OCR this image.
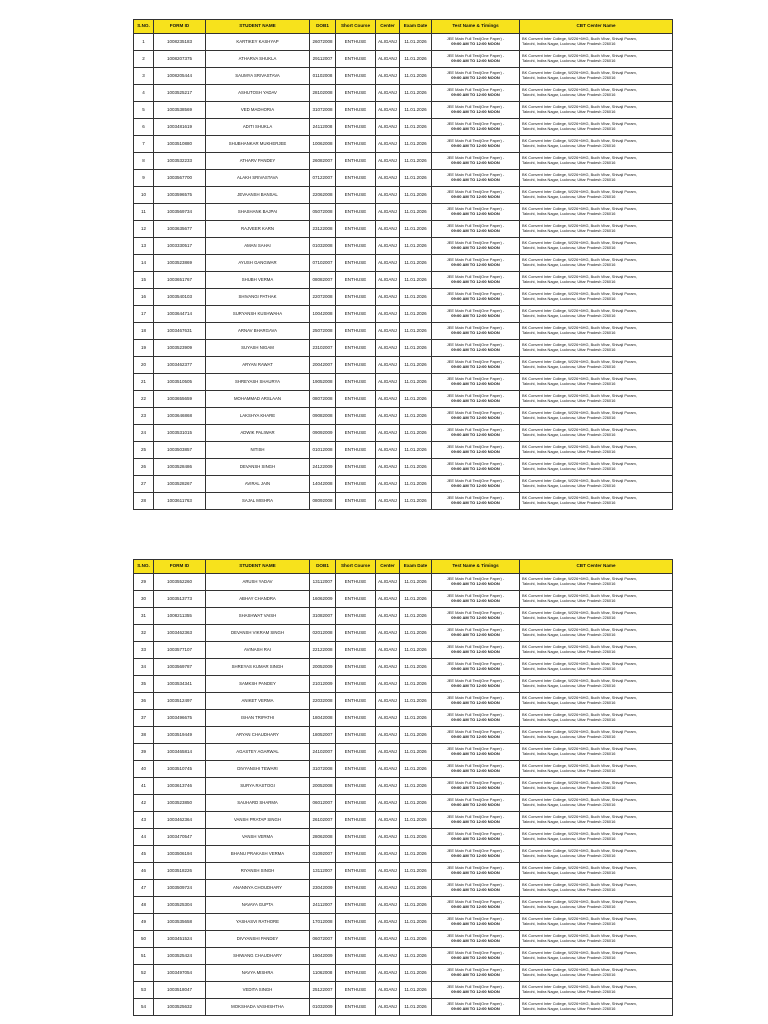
S.NO.	FORM ID	STUDENT NAME	DOB1	Short Course	Center	Exam Date	Test Name & Timings	CBT Center Name
1	1008235183	KARTIKEY KASHYAP	26072008	ENTHUSE	ALIGANJ	11.01.2026	JEE Main Full Test(One Paper) -
09:00 AM TO 12:00 NOON	BK Convent Inter College, W226+6HG, Budh Vihar, Shivaji Puram,
Takrohi, Indira Nagar, Lucknow, Uttar Pradesh 226016

2	1008207375	ATHARVA SHUKLA	29112007	ENTHUSE	ALIGANJ	11.01.2026	JEE Main Full Test(One Paper) -
09:00 AM TO 12:00 NOON	BK Convent Inter College, W226+6HG, Budh Vihar, Shivaji Puram,
Takrohi, Indira Nagar, Lucknow, Uttar Pradesh 226016

3	1008205444	SAUMYA SRIVASTAVA	01102008	ENTHUSE	ALIGANJ	11.01.2026	JEE Main Full Test(One Paper) -
09:00 AM TO 12:00 NOON	BK Convent Inter College, W226+6HG, Budh Vihar, Shivaji Puram,
Takrohi, Indira Nagar, Lucknow, Uttar Pradesh 226016

4	1003525217	ASHUTOSH YADAV	28102008	ENTHUSE	ALIGANJ	11.01.2026	JEE Main Full Test(One Paper) -
09:00 AM TO 12:00 NOON	BK Convent Inter College, W226+6HG, Budh Vihar, Shivaji Puram,
Takrohi, Indira Nagar, Lucknow, Uttar Pradesh 226016

5	1003538569	VED MADHORIA	31072008	ENTHUSE	ALIGANJ	11.01.2026	JEE Main Full Test(One Paper) -
09:00 AM TO 12:00 NOON	BK Convent Inter College, W226+6HG, Budh Vihar, Shivaji Puram,
Takrohi, Indira Nagar, Lucknow, Uttar Pradesh 226016

6	1003481619	ADITI SHUKLA	24112008	ENTHUSE	ALIGANJ	11.01.2026	JEE Main Full Test(One Paper) -
09:00 AM TO 12:00 NOON	BK Convent Inter College, W226+6HG, Budh Vihar, Shivaji Puram,
Takrohi, Indira Nagar, Lucknow, Uttar Pradesh 226016

7	1003510880	SHUBHANKAR MUKHERJEE	10062008	ENTHUSE	ALIGANJ	11.01.2026	JEE Main Full Test(One Paper) -
09:00 AM TO 12:00 NOON	BK Convent Inter College, W226+6HG, Budh Vihar, Shivaji Puram,
Takrohi, Indira Nagar, Lucknow, Uttar Pradesh 226016

8	1003532233	ATHARV PANDEY	26082007	ENTHUSE	ALIGANJ	11.01.2026	JEE Main Full Test(One Paper) -
09:00 AM TO 12:00 NOON	BK Convent Inter College, W226+6HG, Budh Vihar, Shivaji Puram,
Takrohi, Indira Nagar, Lucknow, Uttar Pradesh 226016

9	1003567700	ALAKH SRIVASTAVA	07122007	ENTHUSE	ALIGANJ	11.01.2026	JEE Main Full Test(One Paper) -
09:00 AM TO 12:00 NOON	BK Convent Inter College, W226+6HG, Budh Vihar, Shivaji Puram,
Takrohi, Indira Nagar, Lucknow, Uttar Pradesh 226016

10	1003596575	JEVAANSH BANSAL	22062008	ENTHUSE	ALIGANJ	11.01.2026	JEE Main Full Test(One Paper) -
09:00 AM TO 12:00 NOON	BK Convent Inter College, W226+6HG, Budh Vihar, Shivaji Puram,
Takrohi, Indira Nagar, Lucknow, Uttar Pradesh 226016

11	1003569734	SHASHANK BAJPAI	05072008	ENTHUSE	ALIGANJ	11.01.2026	JEE Main Full Test(One Paper) -
09:00 AM TO 12:00 NOON	BK Convent Inter College, W226+6HG, Budh Vihar, Shivaji Puram,
Takrohi, Indira Nagar, Lucknow, Uttar Pradesh 226016

12	1003635677	RAJVEER KARN	23122008	ENTHUSE	ALIGANJ	11.01.2026	JEE Main Full Test(One Paper) -
09:00 AM TO 12:00 NOON	BK Convent Inter College, W226+6HG, Budh Vihar, Shivaji Puram,
Takrohi, Indira Nagar, Lucknow, Uttar Pradesh 226016

13	1003330517	AMAN SAHAI	01032008	ENTHUSE	ALIGANJ	11.01.2026	JEE Main Full Test(One Paper) -
09:00 AM TO 12:00 NOON	BK Convent Inter College, W226+6HG, Budh Vihar, Shivaji Puram,
Takrohi, Indira Nagar, Lucknow, Uttar Pradesh 226016

14	1003523869	AYUSH GANGWAR	07102007	ENTHUSE	ALIGANJ	11.01.2026	JEE Main Full Test(One Paper) -
09:00 AM TO 12:00 NOON	BK Convent Inter College, W226+6HG, Budh Vihar, Shivaji Puram,
Takrohi, Indira Nagar, Lucknow, Uttar Pradesh 226016

15	1003651767	SHUBH VERMA	08082007	ENTHUSE	ALIGANJ	11.01.2026	JEE Main Full Test(One Paper) -
09:00 AM TO 12:00 NOON	BK Convent Inter College, W226+6HG, Budh Vihar, Shivaji Puram,
Takrohi, Indira Nagar, Lucknow, Uttar Pradesh 226016

16	1003540103	SHIVANGI PATHAK	22072008	ENTHUSE	ALIGANJ	11.01.2026	JEE Main Full Test(One Paper) -
09:00 AM TO 12:00 NOON	BK Convent Inter College, W226+6HG, Budh Vihar, Shivaji Puram,
Takrohi, Indira Nagar, Lucknow, Uttar Pradesh 226016

17	1003644714	SURYANSH KUSHWAHA	10042008	ENTHUSE	ALIGANJ	11.01.2026	JEE Main Full Test(One Paper) -
09:00 AM TO 12:00 NOON	BK Convent Inter College, W226+6HG, Budh Vihar, Shivaji Puram,
Takrohi, Indira Nagar, Lucknow, Uttar Pradesh 226016

18	1003467631	ARNAV BHARGAVA	25072008	ENTHUSE	ALIGANJ	11.01.2026	JEE Main Full Test(One Paper) -
09:00 AM TO 12:00 NOON	BK Convent Inter College, W226+6HG, Budh Vihar, Shivaji Puram,
Takrohi, Indira Nagar, Lucknow, Uttar Pradesh 226016

19	1003523909	SUYASH NIGAM	23102007	ENTHUSE	ALIGANJ	11.01.2026	JEE Main Full Test(One Paper) -
09:00 AM TO 12:00 NOON	BK Convent Inter College, W226+6HG, Budh Vihar, Shivaji Puram,
Takrohi, Indira Nagar, Lucknow, Uttar Pradesh 226016

20	1003462377	ARYAN RAWAT	20042007	ENTHUSE	ALIGANJ	11.01.2026	JEE Main Full Test(One Paper) -
09:00 AM TO 12:00 NOON	BK Convent Inter College, W226+6HG, Budh Vihar, Shivaji Puram,
Takrohi, Indira Nagar, Lucknow, Uttar Pradesh 226016

21	1003510505	SHREYASH SHAURYA	19052008	ENTHUSE	ALIGANJ	11.01.2026	JEE Main Full Test(One Paper) -
09:00 AM TO 12:00 NOON	BK Convent Inter College, W226+6HG, Budh Vihar, Shivaji Puram,
Takrohi, Indira Nagar, Lucknow, Uttar Pradesh 226016

22	1003655659	MOHAMMAD ARSLAAN	08072008	ENTHUSE	ALIGANJ	11.01.2026	JEE Main Full Test(One Paper) -
09:00 AM TO 12:00 NOON	BK Convent Inter College, W226+6HG, Budh Vihar, Shivaji Puram,
Takrohi, Indira Nagar, Lucknow, Uttar Pradesh 226016

23	1003646868	LAKSHYA KHARE	09082008	ENTHUSE	ALIGANJ	11.01.2026	JEE Main Full Test(One Paper) -
09:00 AM TO 12:00 NOON	BK Convent Inter College, W226+6HG, Budh Vihar, Shivaji Puram,
Takrohi, Indira Nagar, Lucknow, Uttar Pradesh 226016

24	1003531015	ADWIK PALIWAR	09092009	ENTHUSE	ALIGANJ	11.01.2026	JEE Main Full Test(One Paper) -
09:00 AM TO 12:00 NOON	BK Convent Inter College, W226+6HG, Budh Vihar, Shivaji Puram,
Takrohi, Indira Nagar, Lucknow, Uttar Pradesh 226016

25	1003503857	NITISH	01012008	ENTHUSE	ALIGANJ	11.01.2026	JEE Main Full Test(One Paper) -
09:00 AM TO 12:00 NOON	BK Convent Inter College, W226+6HG, Budh Vihar, Shivaji Puram,
Takrohi, Indira Nagar, Lucknow, Uttar Pradesh 226016

26	1003528486	DEVANSH SINGH	24122009	ENTHUSE	ALIGANJ	11.01.2026	JEE Main Full Test(One Paper) -
09:00 AM TO 12:00 NOON	BK Convent Inter College, W226+6HG, Budh Vihar, Shivaji Puram,
Takrohi, Indira Nagar, Lucknow, Uttar Pradesh 226016

27	1003528267	AVIRAL JAIN	14042008	ENTHUSE	ALIGANJ	11.01.2026	JEE Main Full Test(One Paper) -
09:00 AM TO 12:00 NOON	BK Convent Inter College, W226+6HG, Budh Vihar, Shivaji Puram,
Takrohi, Indira Nagar, Lucknow, Uttar Pradesh 226016

28	1003611763	SAJAL MISHRA	08092008	ENTHUSE	ALIGANJ	11.01.2026	JEE Main Full Test(One Paper) -
09:00 AM TO 12:00 NOON	BK Convent Inter College, W226+6HG, Budh Vihar, Shivaji Puram,
Takrohi, Indira Nagar, Lucknow, Uttar Pradesh 226016
S.NO.	FORM ID	STUDENT NAME	DOB1	Short Course	Center	Exam Date	Test Name & Timings	CBT Center Name
29	1003552260	ARUSH YADAV	13112007	ENTHUSE	ALIGANJ	11.01.2026	JEE Main Full Test(One Paper) -
09:00 AM TO 12:00 NOON	BK Convent Inter College, W226+6HG, Budh Vihar, Shivaji Puram,
Takrohi, Indira Nagar, Lucknow, Uttar Pradesh 226016

30	1003513773	ABHAY CHANDRA	16062009	ENTHUSE	ALIGANJ	11.01.2026	JEE Main Full Test(One Paper) -
09:00 AM TO 12:00 NOON	BK Convent Inter College, W226+6HG, Budh Vihar, Shivaji Puram,
Takrohi, Indira Nagar, Lucknow, Uttar Pradesh 226016

31	1008211355	SHASHWAT VAISH	31082007	ENTHUSE	ALIGANJ	11.01.2026	JEE Main Full Test(One Paper) -
09:00 AM TO 12:00 NOON	BK Convent Inter College, W226+6HG, Budh Vihar, Shivaji Puram,
Takrohi, Indira Nagar, Lucknow, Uttar Pradesh 226016

32	1003462363	DEVANSH VIKRAM SINGH	02012008	ENTHUSE	ALIGANJ	11.01.2026	JEE Main Full Test(One Paper) -
09:00 AM TO 12:00 NOON	BK Convent Inter College, W226+6HG, Budh Vihar, Shivaji Puram,
Takrohi, Indira Nagar, Lucknow, Uttar Pradesh 226016

33	1003577107	AVINASH RAI	22122008	ENTHUSE	ALIGANJ	11.01.2026	JEE Main Full Test(One Paper) -
09:00 AM TO 12:00 NOON	BK Convent Inter College, W226+6HG, Budh Vihar, Shivaji Puram,
Takrohi, Indira Nagar, Lucknow, Uttar Pradesh 226016

34	1003569787	SHREYAS KUMAR SINGH	20052009	ENTHUSE	ALIGANJ	11.01.2026	JEE Main Full Test(One Paper) -
09:00 AM TO 12:00 NOON	BK Convent Inter College, W226+6HG, Budh Vihar, Shivaji Puram,
Takrohi, Indira Nagar, Lucknow, Uttar Pradesh 226016

35	1003534341	SAMKSH PANDEY	21012009	ENTHUSE	ALIGANJ	11.01.2026	JEE Main Full Test(One Paper) -
09:00 AM TO 12:00 NOON	BK Convent Inter College, W226+6HG, Budh Vihar, Shivaji Puram,
Takrohi, Indira Nagar, Lucknow, Uttar Pradesh 226016

36	1003512497	ANIKET VERMA	22032008	ENTHUSE	ALIGANJ	11.01.2026	JEE Main Full Test(One Paper) -
09:00 AM TO 12:00 NOON	BK Convent Inter College, W226+6HG, Budh Vihar, Shivaji Puram,
Takrohi, Indira Nagar, Lucknow, Uttar Pradesh 226016

37	1003496675	ISHAN TRIPATHI	18042008	ENTHUSE	ALIGANJ	11.01.2026	JEE Main Full Test(One Paper) -
09:00 AM TO 12:00 NOON	BK Convent Inter College, W226+6HG, Budh Vihar, Shivaji Puram,
Takrohi, Indira Nagar, Lucknow, Uttar Pradesh 226016

38	1003519449	ARYAN CHAUDHARY	18052007	ENTHUSE	ALIGANJ	11.01.2026	JEE Main Full Test(One Paper) -
09:00 AM TO 12:00 NOON	BK Convent Inter College, W226+6HG, Budh Vihar, Shivaji Puram,
Takrohi, Indira Nagar, Lucknow, Uttar Pradesh 226016

39	1003465814	AGASTEY AGARWAL	24102007	ENTHUSE	ALIGANJ	11.01.2026	JEE Main Full Test(One Paper) -
09:00 AM TO 12:00 NOON	BK Convent Inter College, W226+6HG, Budh Vihar, Shivaji Puram,
Takrohi, Indira Nagar, Lucknow, Uttar Pradesh 226016

40	1003510745	DIVYANSHI TEWARI	31072008	ENTHUSE	ALIGANJ	11.01.2026	JEE Main Full Test(One Paper) -
09:00 AM TO 12:00 NOON	BK Convent Inter College, W226+6HG, Budh Vihar, Shivaji Puram,
Takrohi, Indira Nagar, Lucknow, Uttar Pradesh 226016

41	1003613746	SURYA RASTOGI	20052008	ENTHUSE	ALIGANJ	11.01.2026	JEE Main Full Test(One Paper) -
09:00 AM TO 12:00 NOON	BK Convent Inter College, W226+6HG, Budh Vihar, Shivaji Puram,
Takrohi, Indira Nagar, Lucknow, Uttar Pradesh 226016

42	1003523850	SAUHARD SHARMA	06012007	ENTHUSE	ALIGANJ	11.01.2026	JEE Main Full Test(One Paper) -
09:00 AM TO 12:00 NOON	BK Convent Inter College, W226+6HG, Budh Vihar, Shivaji Puram,
Takrohi, Indira Nagar, Lucknow, Uttar Pradesh 226016

43	1003462364	VANSH PRATAP SINGH	26102007	ENTHUSE	ALIGANJ	11.01.2026	JEE Main Full Test(One Paper) -
09:00 AM TO 12:00 NOON	BK Convent Inter College, W226+6HG, Budh Vihar, Shivaji Puram,
Takrohi, Indira Nagar, Lucknow, Uttar Pradesh 226016

44	1003470547	VANSH VERMA	28062008	ENTHUSE	ALIGANJ	11.01.2026	JEE Main Full Test(One Paper) -
09:00 AM TO 12:00 NOON	BK Convent Inter College, W226+6HG, Budh Vihar, Shivaji Puram,
Takrohi, Indira Nagar, Lucknow, Uttar Pradesh 226016

45	1003506194	BHANU PRAKASH VERMA	01092007	ENTHUSE	ALIGANJ	11.01.2026	JEE Main Full Test(One Paper) -
09:00 AM TO 12:00 NOON	BK Convent Inter College, W226+6HG, Budh Vihar, Shivaji Puram,
Takrohi, Indira Nagar, Lucknow, Uttar Pradesh 226016

46	1003518226	RIYANSH SINGH	13112007	ENTHUSE	ALIGANJ	11.01.2026	JEE Main Full Test(One Paper) -
09:00 AM TO 12:00 NOON	BK Convent Inter College, W226+6HG, Budh Vihar, Shivaji Puram,
Takrohi, Indira Nagar, Lucknow, Uttar Pradesh 226016

47	1003509724	ANANNYA CHOUDHARY	23042009	ENTHUSE	ALIGANJ	11.01.2026	JEE Main Full Test(One Paper) -
09:00 AM TO 12:00 NOON	BK Convent Inter College, W226+6HG, Budh Vihar, Shivaji Puram,
Takrohi, Indira Nagar, Lucknow, Uttar Pradesh 226016

48	1003525304	NAVAYA GUPTA	24112007	ENTHUSE	ALIGANJ	11.01.2026	JEE Main Full Test(One Paper) -
09:00 AM TO 12:00 NOON	BK Convent Inter College, W226+6HG, Budh Vihar, Shivaji Puram,
Takrohi, Indira Nagar, Lucknow, Uttar Pradesh 226016

49	1003535658	YASHASVI RATHORE	17012008	ENTHUSE	ALIGANJ	11.01.2026	JEE Main Full Test(One Paper) -
09:00 AM TO 12:00 NOON	BK Convent Inter College, W226+6HG, Budh Vihar, Shivaji Puram,
Takrohi, Indira Nagar, Lucknow, Uttar Pradesh 226016

50	1003451524	DIVYANSHI PANDEY	06072007	ENTHUSE	ALIGANJ	11.01.2026	JEE Main Full Test(One Paper) -
09:00 AM TO 12:00 NOON	BK Convent Inter College, W226+6HG, Budh Vihar, Shivaji Puram,
Takrohi, Indira Nagar, Lucknow, Uttar Pradesh 226016

51	1003525424	SHIWANG CHAUDHARY	19042009	ENTHUSE	ALIGANJ	11.01.2026	JEE Main Full Test(One Paper) -
09:00 AM TO 12:00 NOON	BK Convent Inter College, W226+6HG, Budh Vihar, Shivaji Puram,
Takrohi, Indira Nagar, Lucknow, Uttar Pradesh 226016

52	1003497054	NAVYA MISHRA	11062008	ENTHUSE	ALIGANJ	11.01.2026	JEE Main Full Test(One Paper) -
09:00 AM TO 12:00 NOON	BK Convent Inter College, W226+6HG, Budh Vihar, Shivaji Puram,
Takrohi, Indira Nagar, Lucknow, Uttar Pradesh 226016

53	1003518047	VEDITA SINGH	25122007	ENTHUSE	ALIGANJ	11.01.2026	JEE Main Full Test(One Paper) -
09:00 AM TO 12:00 NOON	BK Convent Inter College, W226+6HG, Budh Vihar, Shivaji Puram,
Takrohi, Indira Nagar, Lucknow, Uttar Pradesh 226016

54	1003525632	MOKSHADA VASHISHTHA	01032009	ENTHUSE	ALIGANJ	11.01.2026	JEE Main Full Test(One Paper) -
09:00 AM TO 12:00 NOON	BK Convent Inter College, W226+6HG, Budh Vihar, Shivaji Puram,
Takrohi, Indira Nagar, Lucknow, Uttar Pradesh 226016
